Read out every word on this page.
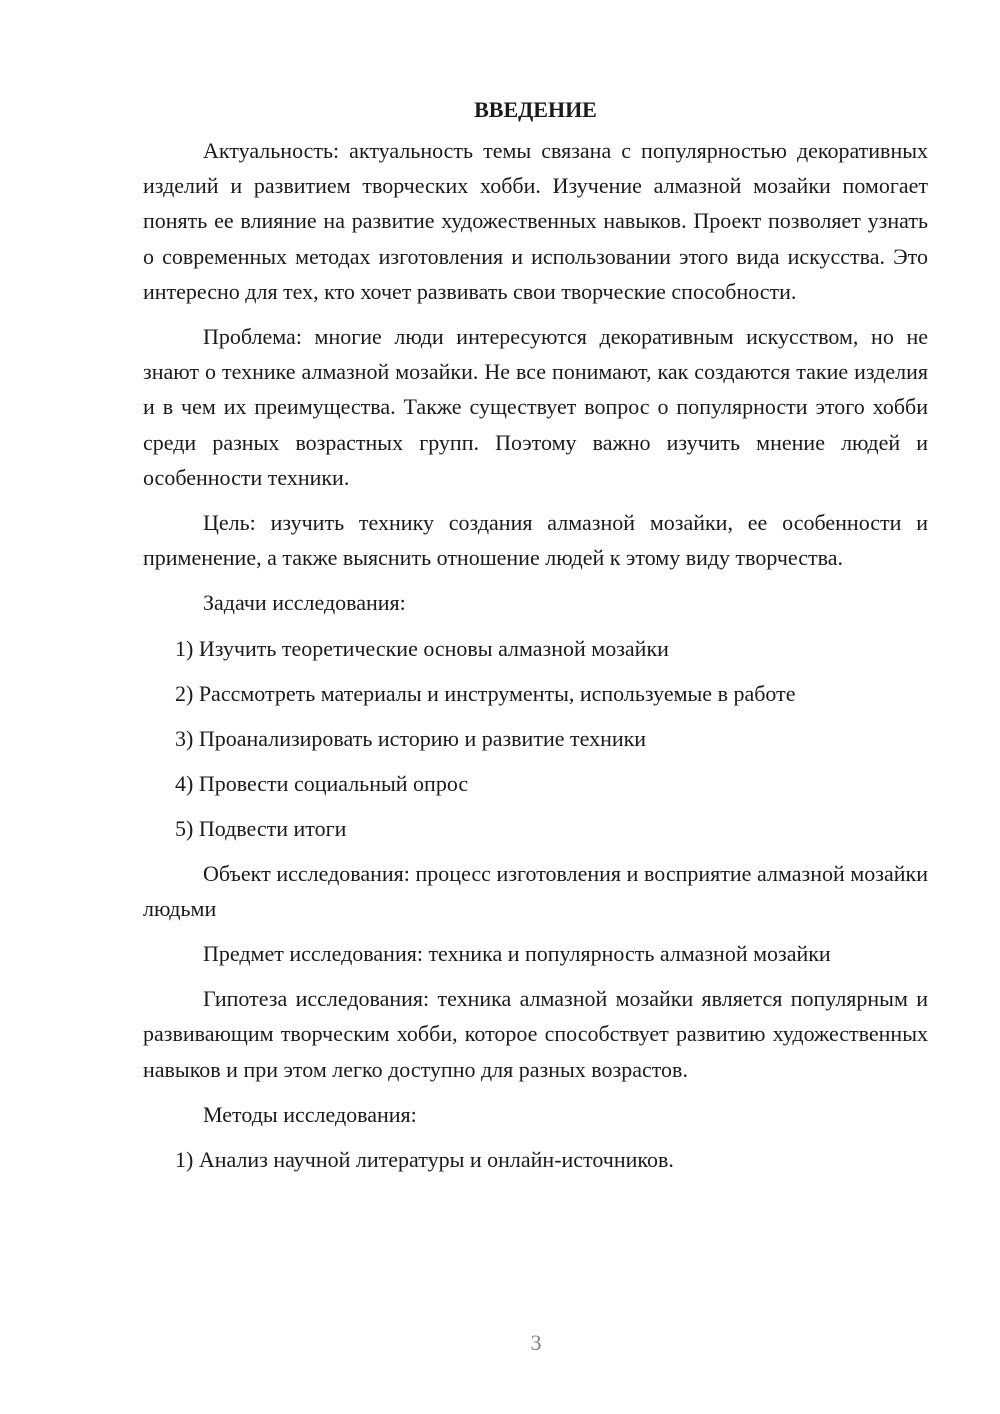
ВВЕДЕНИЕ

Актуальность: актуальность темы связана с популярностью декоративных изделий и развитием творческих хобби. Изучение алмазной мозайки помогает понять ее влияние на развитие художественных навыков. Проект позволяет узнать о современных методах изготовления и использовании этого вида искусства. Это интересно для тех, кто хочет развивать свои творческие способности.

Проблема: многие люди интересуются декоративным искусством, но не знают о технике алмазной мозайки. Не все понимают, как создаются такие изделия и в чем их преимущества. Также существует вопрос о популярности этого хобби среди разных возрастных групп. Поэтому важно изучить мнение людей и особенности техники.

Цель: изучить технику создания алмазной мозайки, ее особенности и применение, а также выяснить отношение людей к этому виду творчества.

Задачи исследования:

1) Изучить теоретические основы алмазной мозайки
2) Рассмотреть материалы и инструменты, используемые в работе
3) Проанализировать историю и развитие техники
4) Провести социальный опрос
5) Подвести итоги

Объект исследования: процесс изготовления и восприятие алмазной мозайки людьми

Предмет исследования: техника и популярность алмазной мозайки

Гипотеза исследования: техника алмазной мозайки является популярным и развивающим творческим хобби, которое способствует развитию художественных навыков и при этом легко доступно для разных возрастов.

Методы исследования:

1) Анализ научной литературы и онлайн-источников.
3
